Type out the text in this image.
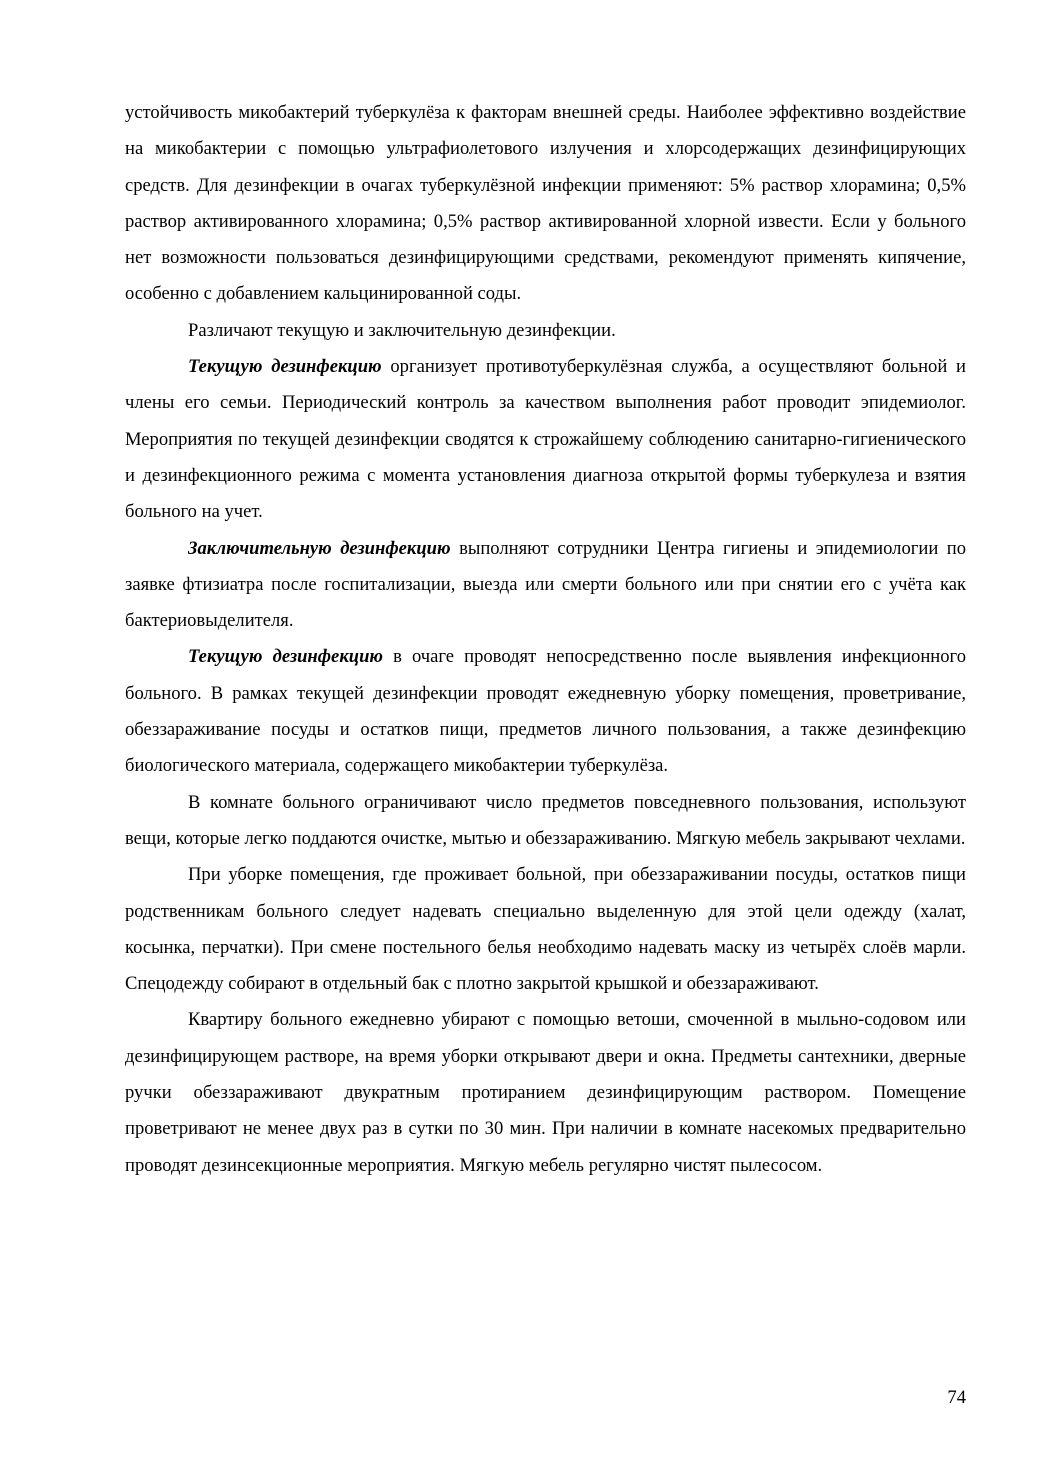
устойчивость микобактерий туберкулёза к факторам внешней среды. Наиболее эффективно воздействие на микобактерии с помощью ультрафиолетового излучения и хлорсодержащих дезинфицирующих средств. Для дезинфекции в очагах туберкулёзной инфекции применяют: 5% раствор хлорамина; 0,5% раствор активированного хлорамина; 0,5% раствор активированной хлорной извести. Если у больного нет возможности пользоваться дезинфицирующими средствами, рекомендуют применять кипячение, особенно с добавлением кальцинированной соды.

Различают текущую и заключительную дезинфекции.

Текущую дезинфекцию организует противотуберкулёзная служба, а осуществляют больной и члены его семьи. Периодический контроль за качеством выполнения работ проводит эпидемиолог. Мероприятия по текущей дезинфекции сводятся к строжайшему соблюдению санитарно-гигиенического и дезинфекционного режима с момента установления диагноза открытой формы туберкулеза и взятия больного на учет.

Заключительную дезинфекцию выполняют сотрудники Центра гигиены и эпидемиологии по заявке фтизиатра после госпитализации, выезда или смерти больного или при снятии его с учёта как бактериовыделителя.

Текущую дезинфекцию в очаге проводят непосредственно после выявления инфекционного больного. В рамках текущей дезинфекции проводят ежедневную уборку помещения, проветривание, обеззараживание посуды и остатков пищи, предметов личного пользования, а также дезинфекцию биологического материала, содержащего микобактерии туберкулёза.

В комнате больного ограничивают число предметов повседневного пользования, используют вещи, которые легко поддаются очистке, мытью и обеззараживанию. Мягкую мебель закрывают чехлами.

При уборке помещения, где проживает больной, при обеззараживании посуды, остатков пищи родственникам больного следует надевать специально выделенную для этой цели одежду (халат, косынка, перчатки). При смене постельного белья необходимо надевать маску из четырёх слоёв марли. Спецодежду собирают в отдельный бак с плотно закрытой крышкой и обеззараживают.

Квартиру больного ежедневно убирают с помощью ветоши, смоченной в мыльно-содовом или дезинфицирующем растворе, на время уборки открывают двери и окна. Предметы сантехники, дверные ручки обеззараживают двукратным протиранием дезинфицирующим раствором. Помещение проветривают не менее двух раз в сутки по 30 мин. При наличии в комнате насекомых предварительно проводят дезинсекционные мероприятия. Мягкую мебель регулярно чистят пылесосом.

74
